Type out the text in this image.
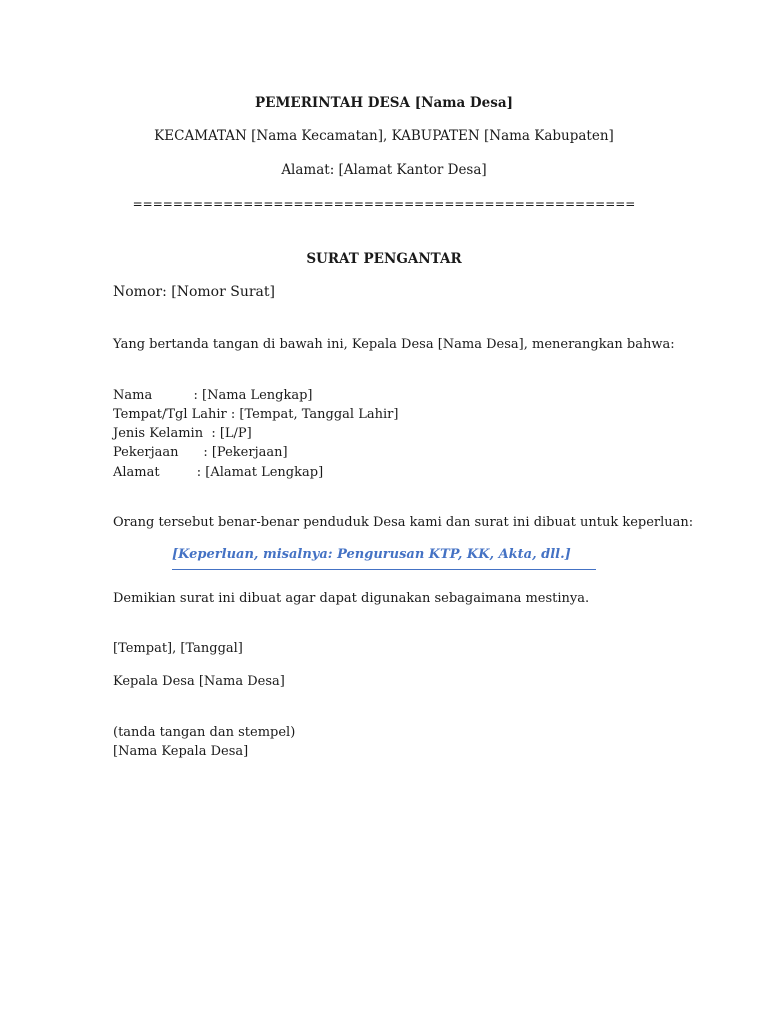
PEMERINTAH DESA [Nama Desa]
KECAMATAN [Nama Kecamatan], KABUPATEN [Nama Kabupaten]
Alamat: [Alamat Kantor Desa]
==================================================
SURAT PENGANTAR
Nomor: [Nomor Surat]
Yang bertanda tangan di bawah ini, Kepala Desa [Nama Desa], menerangkan bahwa:
Nama          : [Nama Lengkap]
Tempat/Tgl Lahir : [Tempat, Tanggal Lahir]
Jenis Kelamin  : [L/P]
Pekerjaan      : [Pekerjaan]
Alamat         : [Alamat Lengkap]
Orang tersebut benar-benar penduduk Desa kami dan surat ini dibuat untuk keperluan:
[Keperluan, misalnya: Pengurusan KTP, KK, Akta, dll.]
Demikian surat ini dibuat agar dapat digunakan sebagaimana mestinya.
[Tempat], [Tanggal]
Kepala Desa [Nama Desa]
(tanda tangan dan stempel)
[Nama Kepala Desa]
